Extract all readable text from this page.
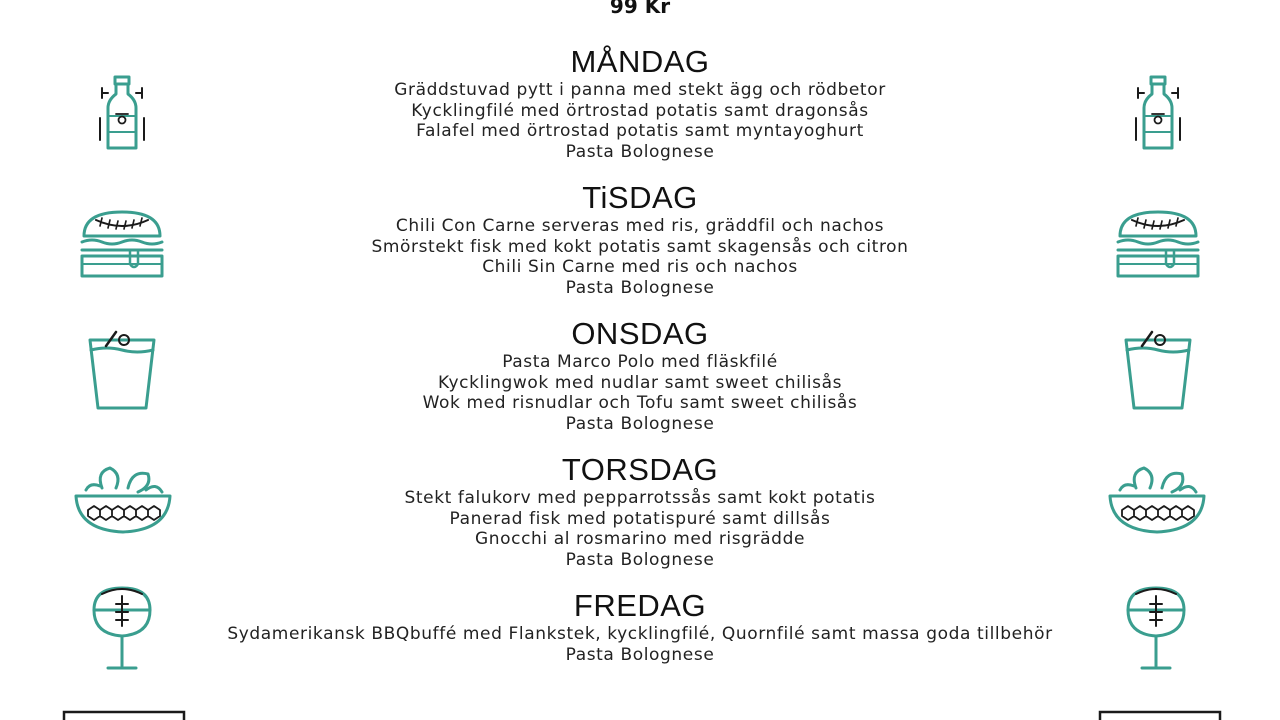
99 Kr
MÅNDAG
Gräddstuvad pytt i panna med stekt ägg och rödbetor
Kycklingfilé med örtrostad potatis samt dragonsås
Falafel med örtrostad potatis samt myntayoghurt
Pasta Bolognese
TiSDAG
Chili Con Carne serveras med ris, gräddfil och nachos
Smörstekt fisk med kokt potatis samt skagensås och citron
Chili Sin Carne med ris och nachos
Pasta Bolognese
ONSDAG
Pasta Marco Polo med fläskfilé
Kycklingwok med nudlar samt sweet chilisås
Wok med risnudlar och Tofu samt sweet chilisås
Pasta Bolognese
TORSDAG
Stekt falukorv med pepparrotssås samt kokt potatis
Panerad fisk med potatispuré samt dillsås
Gnocchi al rosmarino med risgrädde
Pasta Bolognese
FREDAG
Sydamerikansk BBQbuffé med Flankstek, kycklingfilé, Quornfilé samt massa goda tillbehör
Pasta Bolognese
